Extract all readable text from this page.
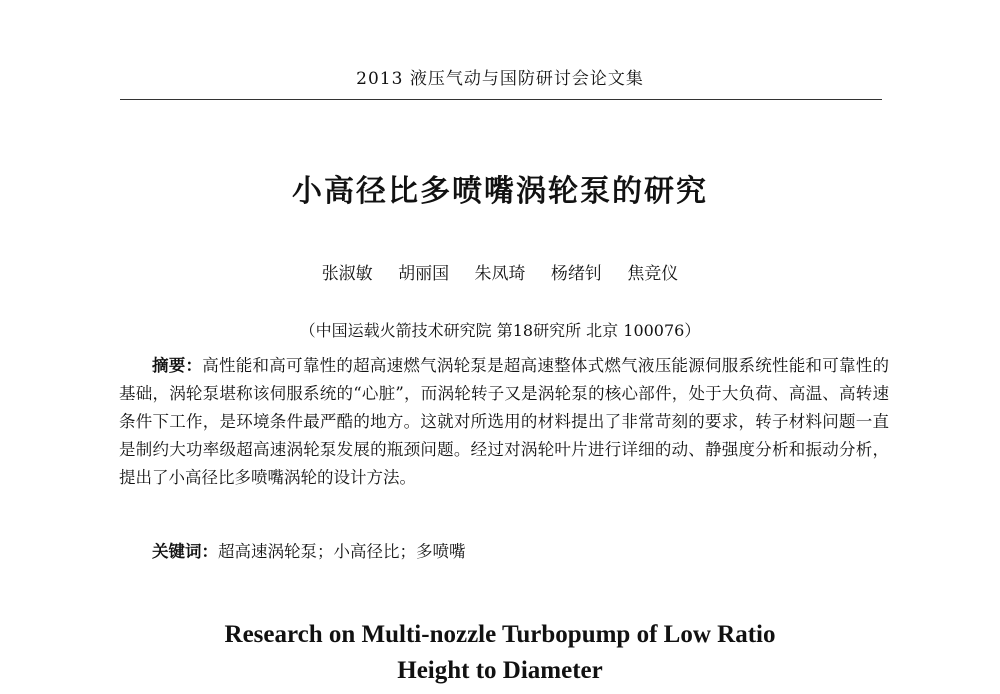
2013 液压气动与国防研讨会论文集
小高径比多喷嘴涡轮泵的研究
张淑敏 胡丽国 朱凤琦 杨绪钊 焦竞仪
（中国运载火箭技术研究院 第18研究所 北京 100076）
摘要：高性能和高可靠性的超高速燃气涡轮泵是超高速整体式燃气液压能源伺服系统性能和可靠性的基础，涡轮泵堪称该伺服系统的“心脏”，而涡轮转子又是涡轮泵的核心部件，处于大负荷、高温、高转速条件下工作，是环境条件最严酷的地方。这就对所选用的材料提出了非常苛刻的要求，转子材料问题一直是制约大功率级超高速涡轮泵发展的瓶颈问题。经过对涡轮叶片进行详细的动、静强度分析和振动分析，提出了小高径比多喷嘴涡轮的设计方法。
关键词：超高速涡轮泵；小高径比；多喷嘴
Research on Multi-nozzle Turbopump of Low Ratio
Height to Diameter
